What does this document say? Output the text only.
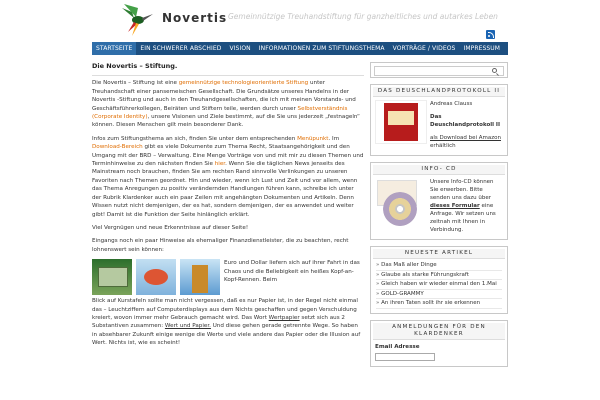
Novertis Gemeinnützige Treuhandstiftung für ganzheitliches und autarkes Leben
STARTSEITE	EIN SCHWERER ABSCHIED	VISION	INFORMATIONEN ZUM STIFTUNGSTHEMA	VORTRÄGE / VIDEOS	IMPRESSUM
Die Novertis – Stiftung.

Die Novertis – Stiftung ist eine gemeinnützige technologieorientierte Stiftung unter Treuhandschaft einer pansemeischen Gesellschaft. Die Grundsätze unseres Handelns in der Novertis -Stiftung und auch in den Treuhandgesellschaften, die ich mit meinen Vorstands- und Geschäftsführerkollegen, Beiräten und Stiftern teile, werden durch unser Selbstverständnis (Corporate Identity), unsere Visionen und Ziele bestimmt, auf die Sie uns jederzeit „festnageln“ können. Diesen Menschen gilt mein besonderer Dank.

Infos zum Stiftungsthema an sich, finden Sie unter dem entsprechenden Menüpunkt. Im Download-Bereich gibt es viele Dokumente zum Thema Recht, Staatsangehörigkeit und den Umgang mit der BRD – Verwaltung. Eine Menge Vorträge von und mit mir zu diesen Themen und Terminhinweise zu den nächsten finden Sie hier. Wenn Sie die täglichen News jenseits des Mainstream noch brauchen, finden Sie am rechten Rand sinnvolle Verlinkungen zu unseren Favoriten nach Themen geordnet. Hin und wieder, wenn ich Lust und Zeit und vor allem, wenn das Thema Anregungen zu positiv verändernden Handlungen führen kann, schreibe ich unter der Rubrik Klardenker auch ein paar Zeilen mit angehängten Dokumenten und Artikeln. Denn Wissen nutzt nicht demjenigen, der es hat, sondern demjenigen, der es anwendet und weiter gibt! Damit ist die Funktion der Seite hinlänglich erklärt.

Viel Vergnügen und neue Erkenntnisse auf dieser Seite!

Eingangs noch ein paar Hinweise als ehemaliger Finanzdienstleister, die zu beachten, recht lohnenswert sein können:

Euro und Dollar liefern sich auf ihrer Fahrt in das Chaos und die Beliebigkeit ein heißes Kopf-an-Kopf-Rennen. Beim

Blick auf Kurstafeln sollte man nicht vergessen, daß es nur Papier ist, in der Regel nicht einmal das – Leuchtziffern auf Computerdisplays aus dem Nichts geschaffen und gegen Verschuldung kreiert, wovon immer mehr Gebrauch gemacht wird. Das Wort Wertpapier setzt sich aus 2 Substantiven zusammen: Wert und Papier. Und diese gehen gerade getrennte Wege. So haben in absehbarer Zukunft einige wenige die Werte und viele andere das Papier oder die Illusion auf Wert. Nichts ist, wie es scheint!

DAS DEUSCHLANDPROTOKOLL II
Andreas Clauss
Das Deuschlandprotokoll II
als Download bei Amazon erhältlich
INFO- CD
Unsere Info-CD können Sie erwerben. Bitte senden uns dazu über dieses Formular eine Anfrage. Wir setzen uns zeitnah mit Ihnen in Verbindung.
NEUESTE ARTIKEL
» Das Maß aller Dinge
» Glaube als starke Führungskraft
» Gleich haben wir wieder einmal den 1.Mai
» GOLD-GRAMMY
» An ihren Taten sollt ihr sie erkennen
ANMELDUNGEN FÜR DEN KLARDENKER
Email Adresse
